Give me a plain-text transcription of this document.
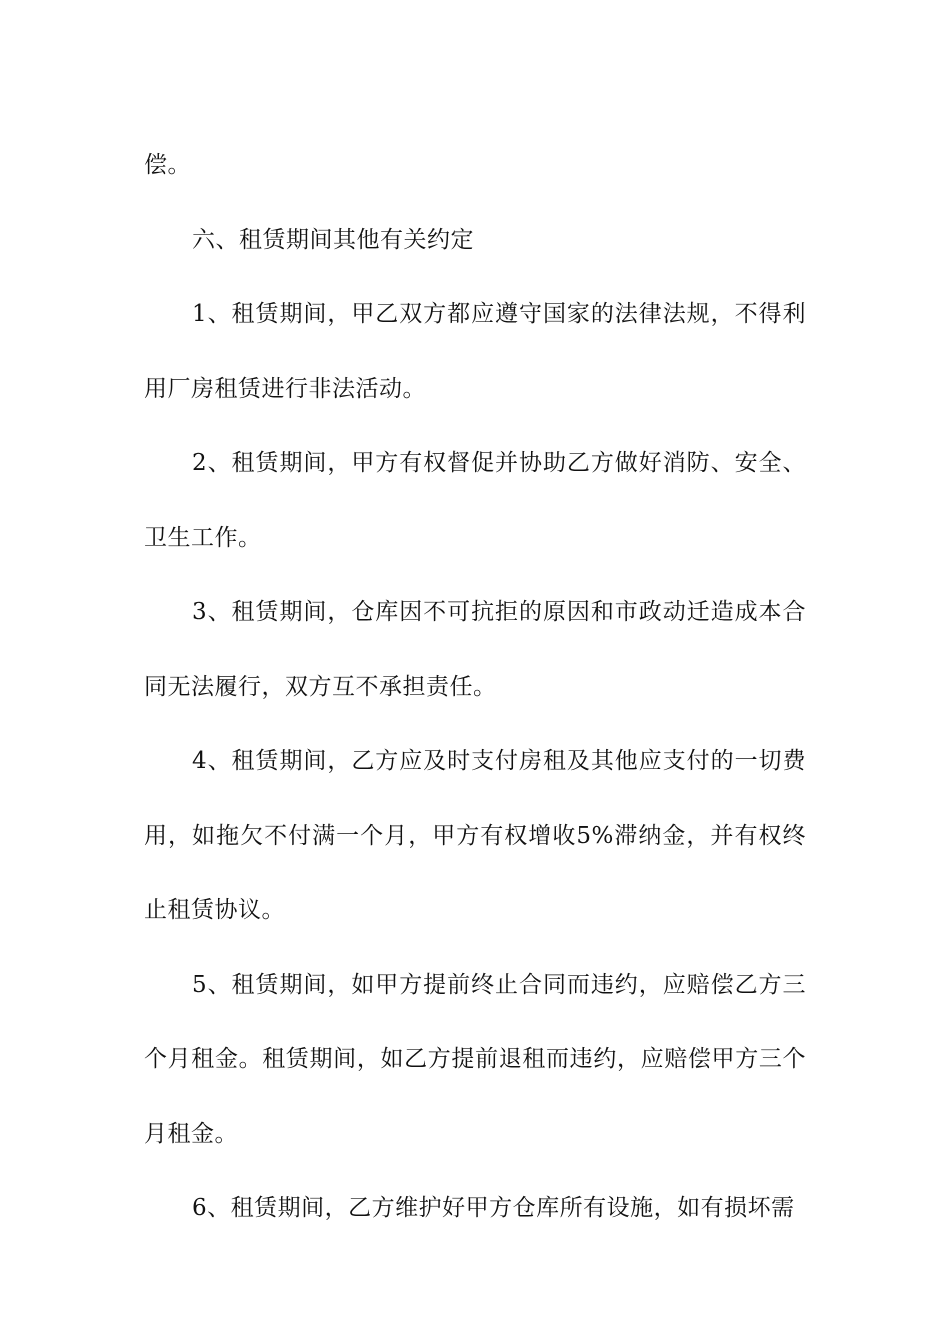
偿。

六、租赁期间其他有关约定

1、租赁期间，甲乙双方都应遵守国家的法律法规，不得利用厂房租赁进行非法活动。

2、租赁期间，甲方有权督促并协助乙方做好消防、安全、卫生工作。

3、租赁期间，仓库因不可抗拒的原因和市政动迁造成本合同无法履行，双方互不承担责任。

4、租赁期间，乙方应及时支付房租及其他应支付的一切费用，如拖欠不付满一个月，甲方有权增收5%滞纳金，并有权终止租赁协议。

5、租赁期间，如甲方提前终止合同而违约，应赔偿乙方三个月租金。租赁期间，如乙方提前退租而违约，应赔偿甲方三个月租金。

6、租赁期间，乙方维护好甲方仓库所有设施，如有损坏需
